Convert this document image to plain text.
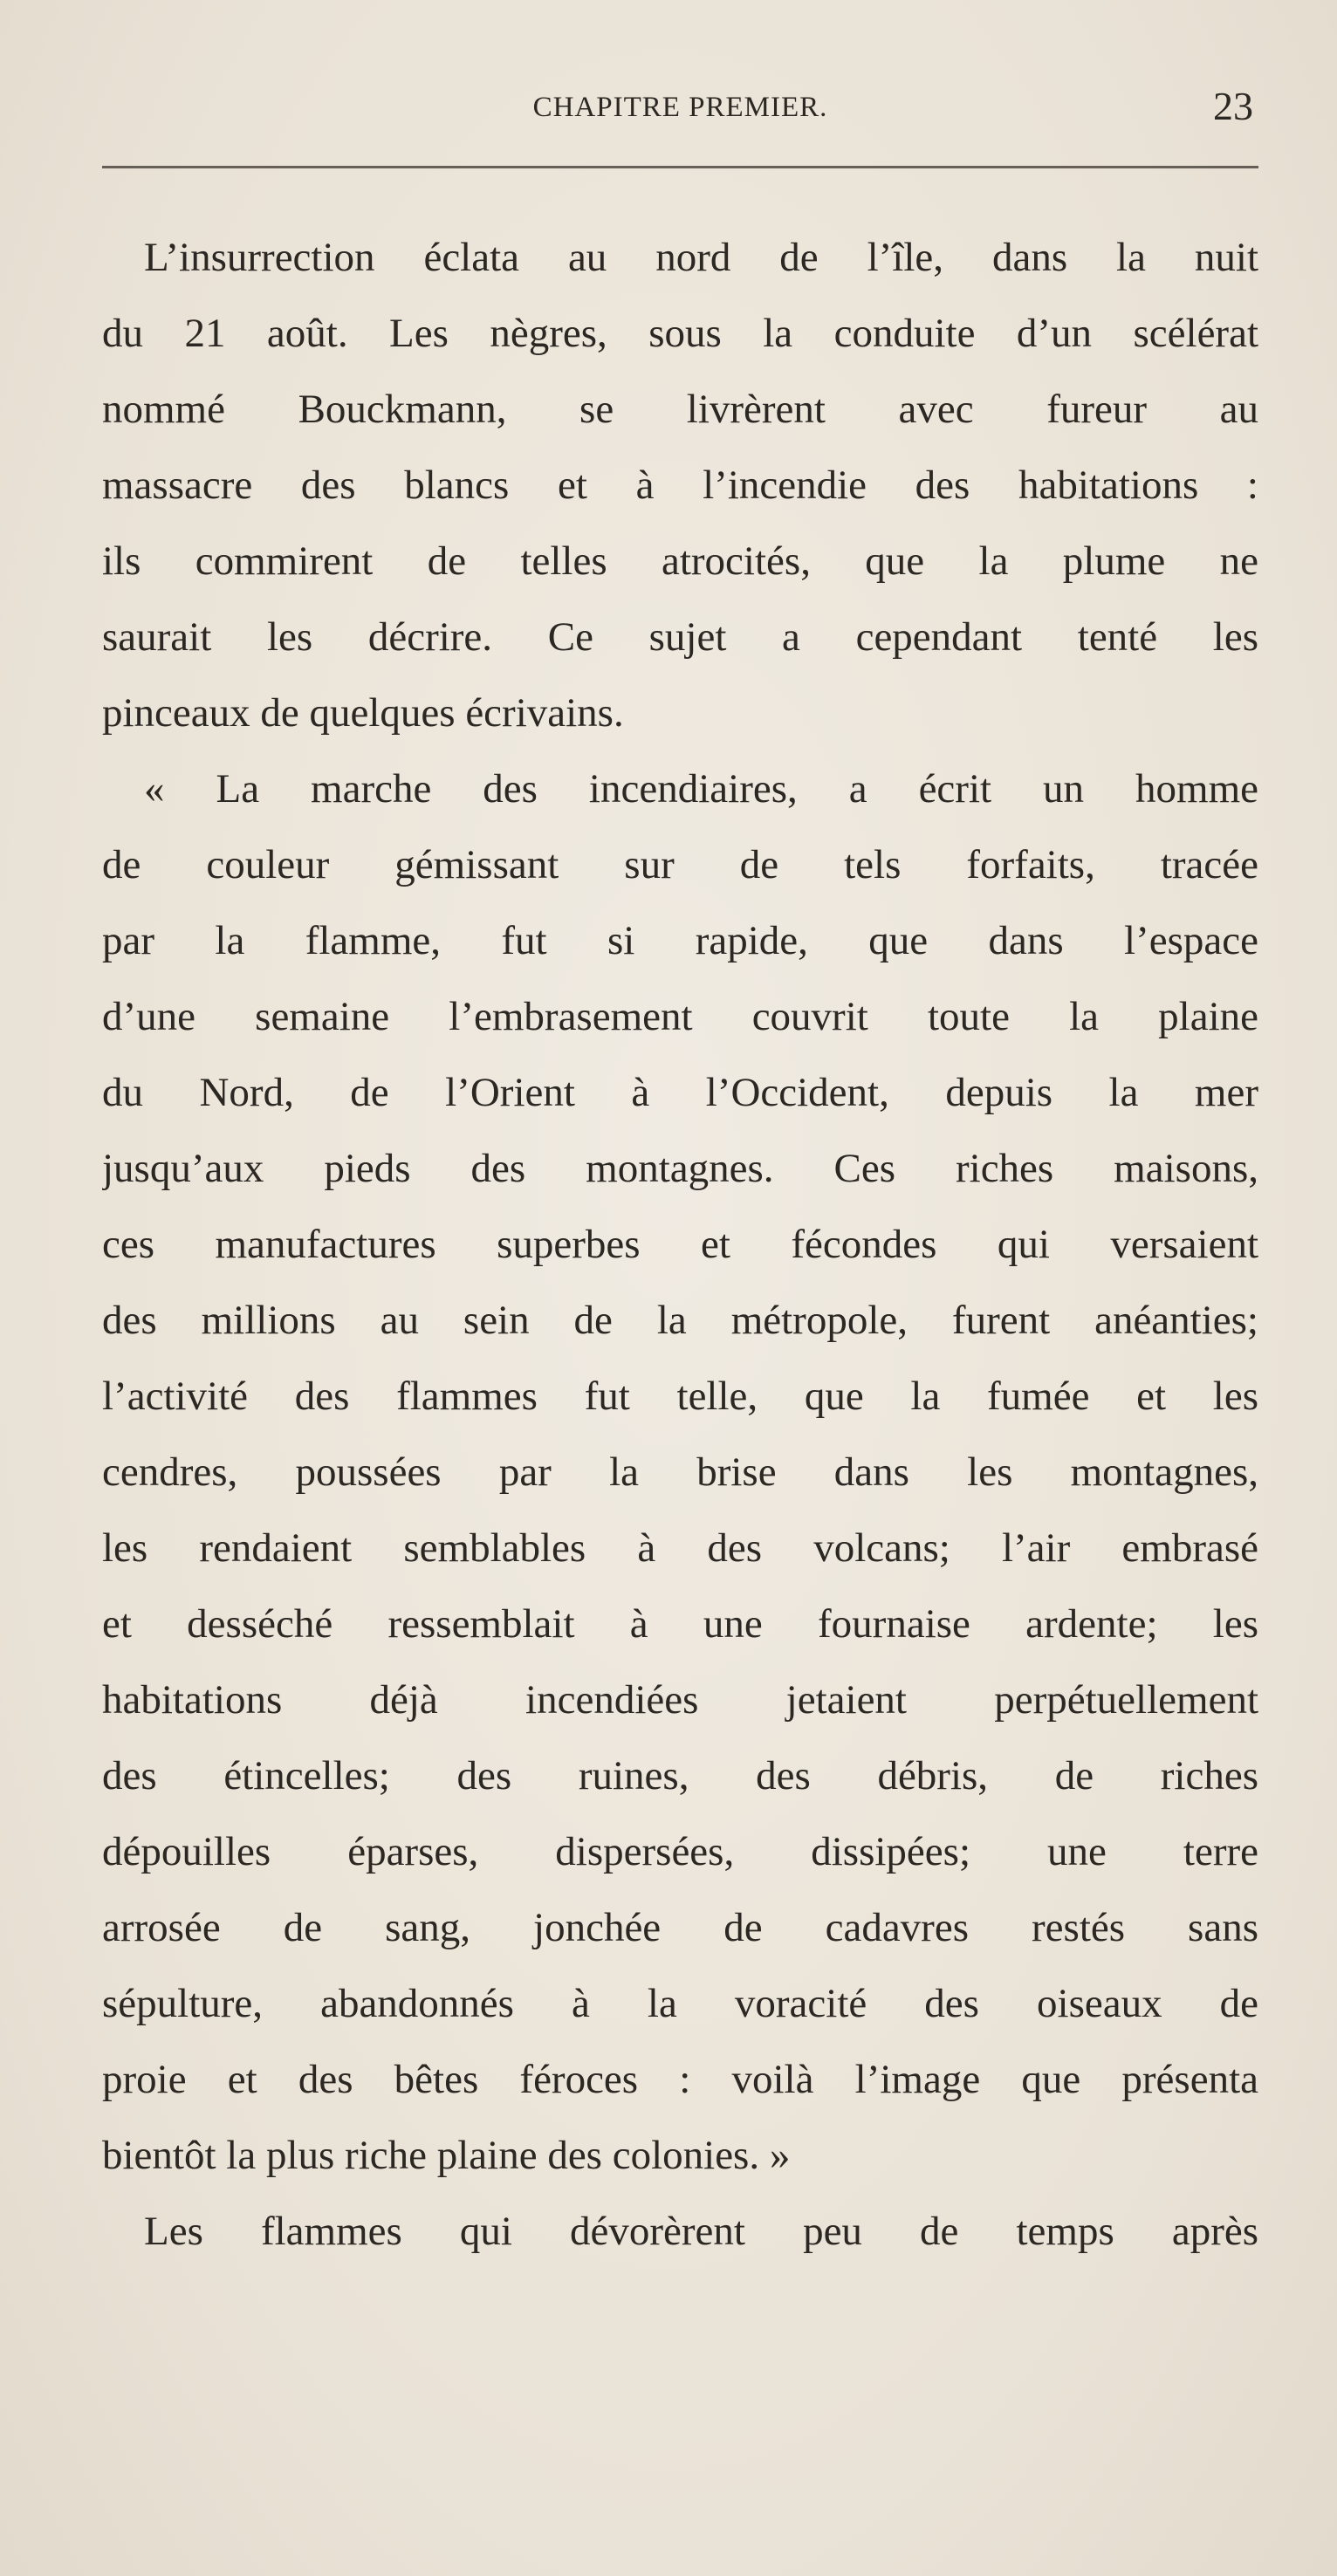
CHAPITRE PREMIER.	23
L’insurrection éclata au nord de l’île, dans la nuit
du 21 août. Les nègres, sous la conduite d’un scélérat
nommé Bouckmann, se livrèrent avec fureur au
massacre des blancs et à l’incendie des habitations :
ils commirent de telles atrocités, que la plume ne
saurait les décrire. Ce sujet a cependant tenté les
pinceaux de quelques écrivains.
« La marche des incendiaires, a écrit un homme
de couleur gémissant sur de tels forfaits, tracée
par la flamme, fut si rapide, que dans l’espace
d’une semaine l’embrasement couvrit toute la plaine
du Nord, de l’Orient à l’Occident, depuis la mer
jusqu’aux pieds des montagnes. Ces riches maisons,
ces manufactures superbes et fécondes qui versaient
des millions au sein de la métropole, furent anéanties;
l’activité des flammes fut telle, que la fumée et les
cendres, poussées par la brise dans les montagnes,
les rendaient semblables à des volcans; l’air embrasé
et desséché ressemblait à une fournaise ardente; les
habitations déjà incendiées jetaient perpétuellement
des étincelles; des ruines, des débris, de riches
dépouilles éparses, dispersées, dissipées; une terre
arrosée de sang, jonchée de cadavres restés sans
sépulture, abandonnés à la voracité des oiseaux de
proie et des bêtes féroces : voilà l’image que présenta
bientôt la plus riche plaine des colonies. »
Les flammes qui dévorèrent peu de temps après
